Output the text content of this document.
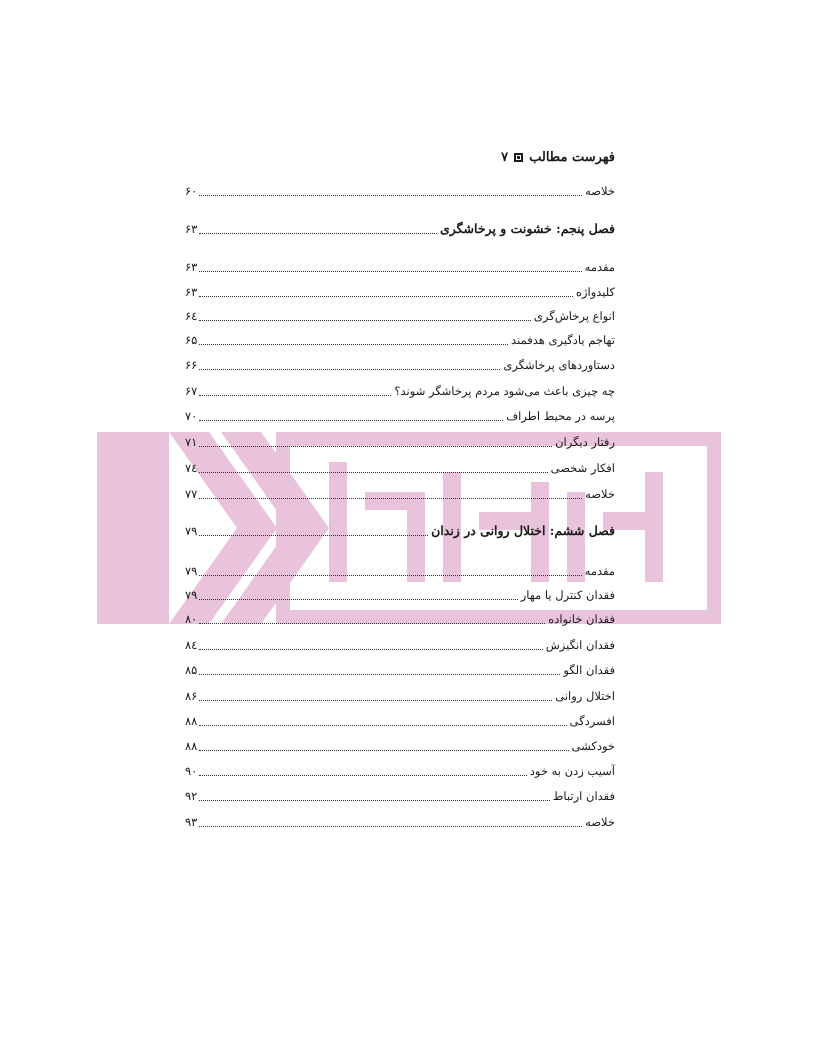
فهرست مطالب
۷
خلاصه
۶۰
فصل پنجم: خشونت و پرخاشگری
۶۳
مقدمه
۶۳
کلیدواژه
۶۳
انواع پرخاش‌گری
۶٤
تهاجم یادگیری هدفمند
۶۵
دستاوردهای پرخاشگری
۶۶
چه چیزی باعث می‌شود مردم پرخاشگر شوند؟
۶۷
پرسه در محیط اطراف
۷۰
رفتار دیگران
۷۱
افکار شخصی
۷٤
خلاصه
۷۷
فصل ششم: اختلال روانی در زندان
۷۹
مقدمه
۷۹
فقدان کنترل یا مهار
۷۹
فقدان خانواده
۸۰
فقدان انگیزش
۸٤
فقدان الگو
۸۵
اختلال روانی
۸۶
افسردگی
۸۸
خودکشی
۸۸
آسیب زدن به خود
۹۰
فقدان ارتباط
۹۲
خلاصه
۹۳
